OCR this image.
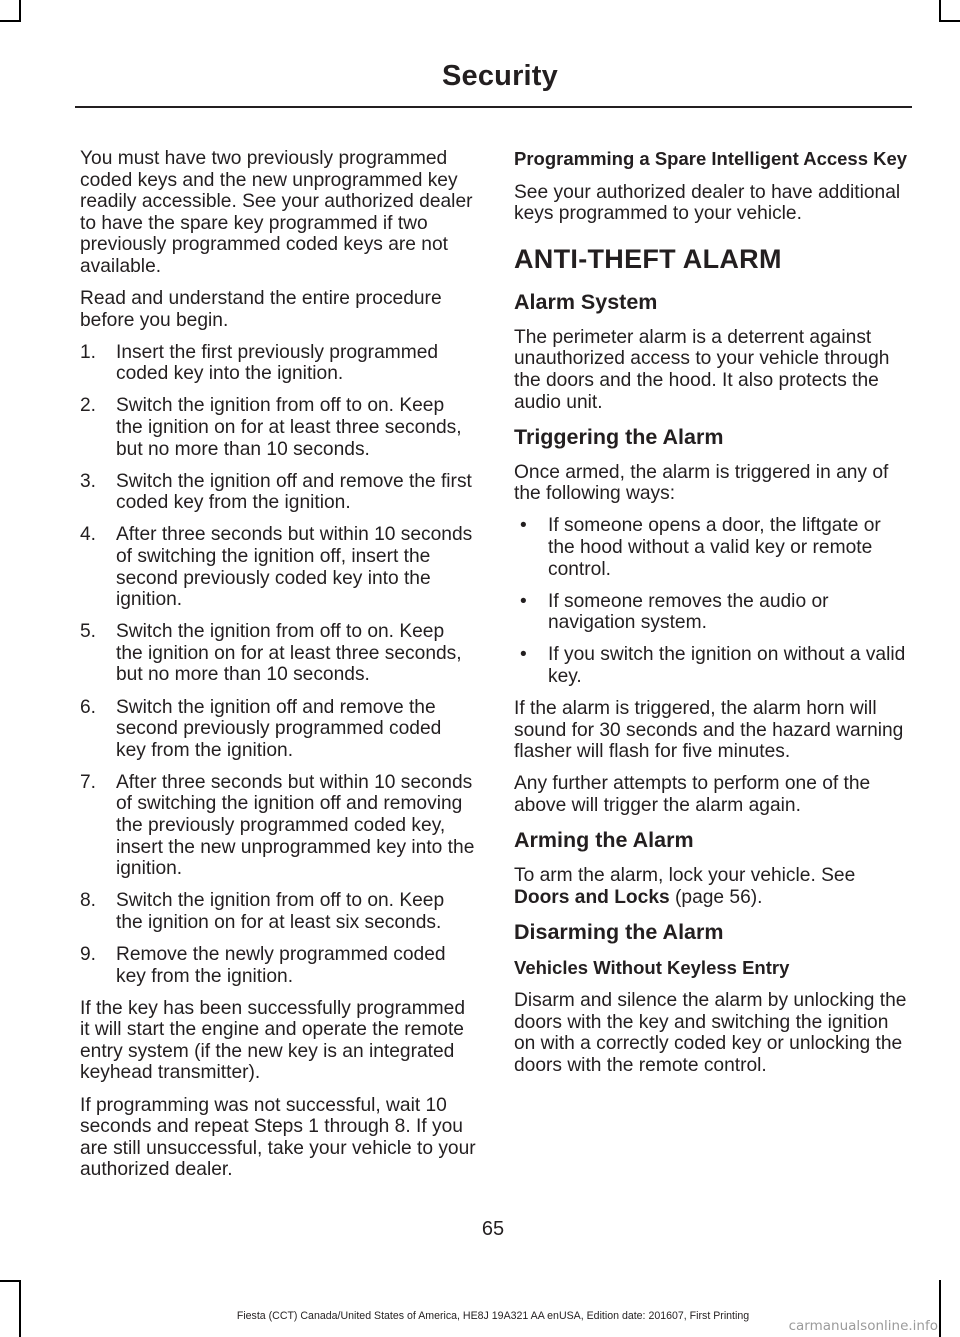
Security

You must have two previously programmed coded keys and the new unprogrammed key readily accessible. See your authorized dealer to have the spare key programmed if two previously programmed coded keys are not available.

Read and understand the entire procedure before you begin.

1. Insert the first previously programmed coded key into the ignition.
2. Switch the ignition from off to on. Keep the ignition on for at least three seconds, but no more than 10 seconds.
3. Switch the ignition off and remove the first coded key from the ignition.
4. After three seconds but within 10 seconds of switching the ignition off, insert the second previously coded key into the ignition.
5. Switch the ignition from off to on. Keep the ignition on for at least three seconds, but no more than 10 seconds.
6. Switch the ignition off and remove the second previously programmed coded key from the ignition.
7. After three seconds but within 10 seconds of switching the ignition off and removing the previously programmed coded key, insert the new unprogrammed key into the ignition.
8. Switch the ignition from off to on. Keep the ignition on for at least six seconds.
9. Remove the newly programmed coded key from the ignition.

If the key has been successfully programmed it will start the engine and operate the remote entry system (if the new key is an integrated keyhead transmitter).

If programming was not successful, wait 10 seconds and repeat Steps 1 through 8. If you are still unsuccessful, take your vehicle to your authorized dealer.

Programming a Spare Intelligent Access Key

See your authorized dealer to have additional keys programmed to your vehicle.

ANTI-THEFT ALARM
Alarm System

The perimeter alarm is a deterrent against unauthorized access to your vehicle through the doors and the hood. It also protects the audio unit.

Triggering the Alarm

Once armed, the alarm is triggered in any of the following ways:

• If someone opens a door, the liftgate or the hood without a valid key or remote control.
• If someone removes the audio or navigation system.
• If you switch the ignition on without a valid key.

If the alarm is triggered, the alarm horn will sound for 30 seconds and the hazard warning flasher will flash for five minutes.

Any further attempts to perform one of the above will trigger the alarm again.

Arming the Alarm

To arm the alarm, lock your vehicle. See Doors and Locks (page 56).

Disarming the Alarm
Vehicles Without Keyless Entry

Disarm and silence the alarm by unlocking the doors with the key and switching the ignition on with a correctly coded key or unlocking the doors with the remote control.

65
Fiesta (CCT) Canada/United States of America, HE8J 19A321 AA enUSA, Edition date: 201607, First Printing
carmanualsonline.info
